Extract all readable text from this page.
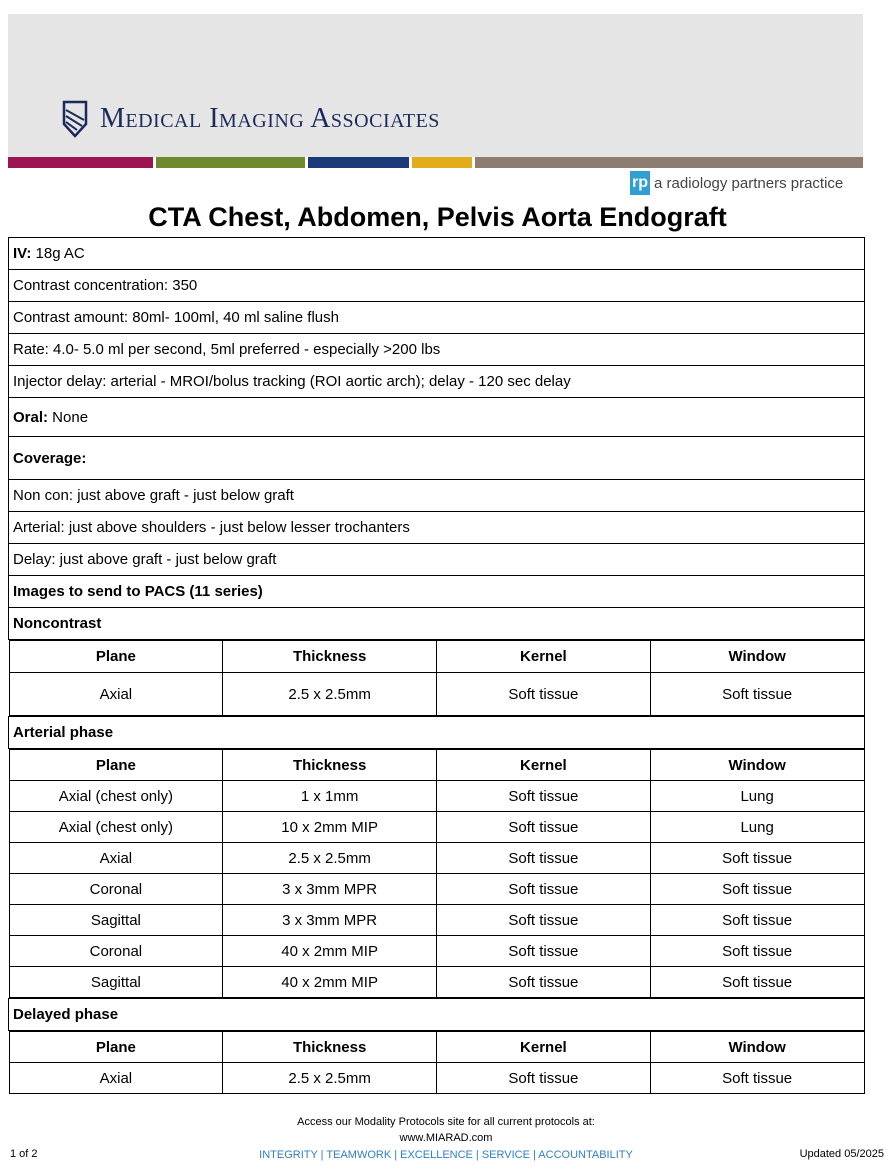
Medical Imaging Associates
rp a radiology partners practice
CTA Chest, Abdomen, Pelvis Aorta Endograft
IV: 18g AC
Contrast concentration: 350
Contrast amount: 80ml- 100ml, 40 ml saline flush
Rate: 4.0- 5.0 ml per second, 5ml preferred - especially >200 lbs
Injector delay: arterial - MROI/bolus tracking (ROI aortic arch); delay - 120 sec delay
Oral: None
Coverage:
Non con: just above graft - just below graft
Arterial: just above shoulders - just below lesser trochanters
Delay: just above graft - just below graft
Images to send to PACS (11 series)
Noncontrast

Plane	Thickness	Kernel	Window
Axial	2.5 x 2.5mm	Soft tissue	Soft tissue

Arterial phase

Plane	Thickness	Kernel	Window
Axial (chest only)	1 x 1mm	Soft tissue	Lung
Axial (chest only)	10 x 2mm MIP	Soft tissue	Lung
Axial	2.5 x 2.5mm	Soft tissue	Soft tissue
Coronal	3 x 3mm MPR	Soft tissue	Soft tissue
Sagittal	3 x 3mm MPR	Soft tissue	Soft tissue
Coronal	40 x 2mm MIP	Soft tissue	Soft tissue
Sagittal	40 x 2mm MIP	Soft tissue	Soft tissue

Delayed phase

Plane	Thickness	Kernel	Window
Axial	2.5 x 2.5mm	Soft tissue	Soft tissue
Access our Modality Protocols site for all current protocols at:
www.MIARAD.com
INTEGRITY | TEAMWORK | EXCELLENCE | SERVICE | ACCOUNTABILITY
1 of 2	Updated 05/2025
